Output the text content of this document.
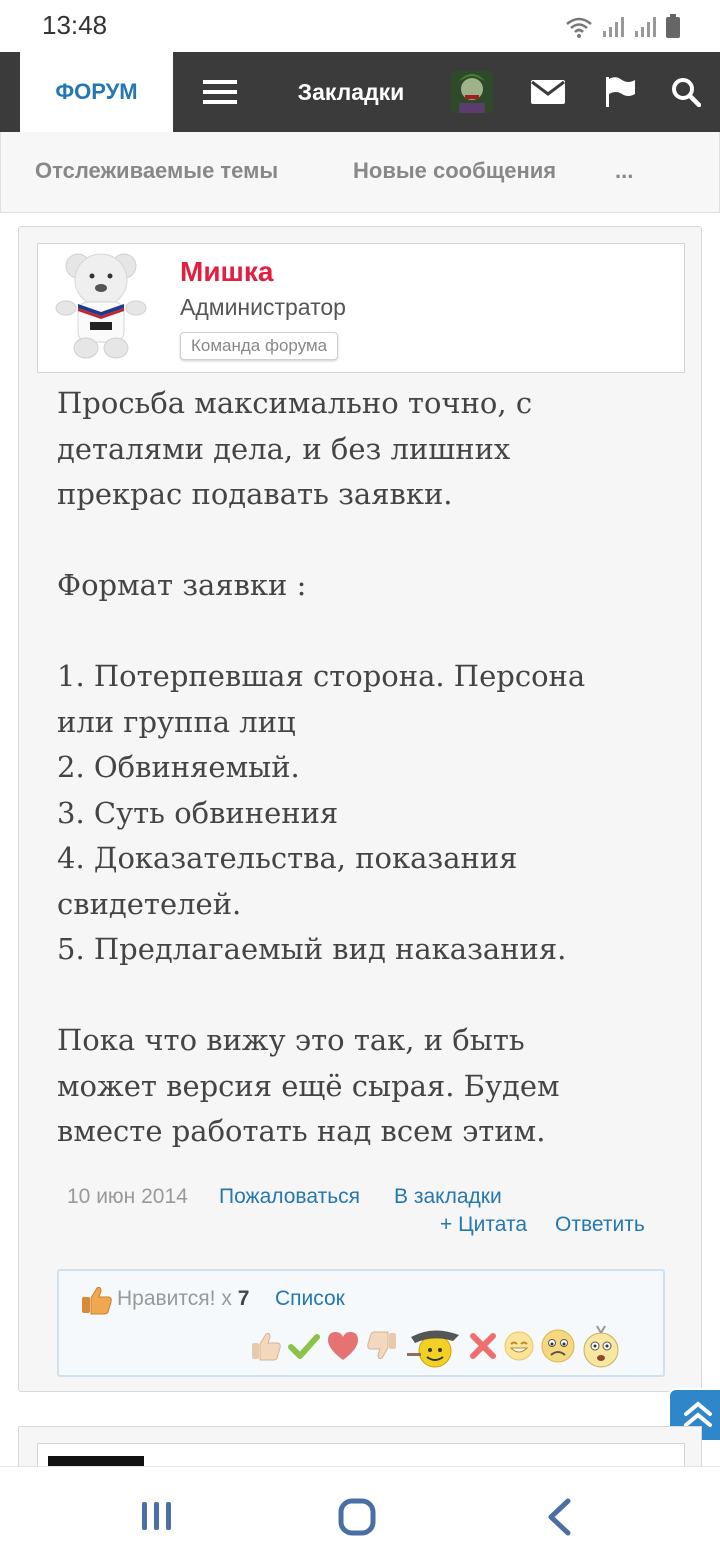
13:48
ФОРУМ	Закладки
Отслеживаемые темы	Новые сообщения	...
Мишка
Администратор
Команда форума
Просьба максимально точно, с
деталями дела, и без лишних
прекрас подавать заявки.

Формат заявки :

1. Потерпевшая сторона. Персона
или группа лиц
2. Обвиняемый.
3. Суть обвинения
4. Доказательства, показания
свидетелей.
5. Предлагаемый вид наказания.

Пока что вижу это так, и быть
может версия ещё сырая. Будем
вместе работать над всем этим.
10 июн 2014 Пожаловаться В закладки
+ Цитата Ответить
Нравится! x 7 Список
